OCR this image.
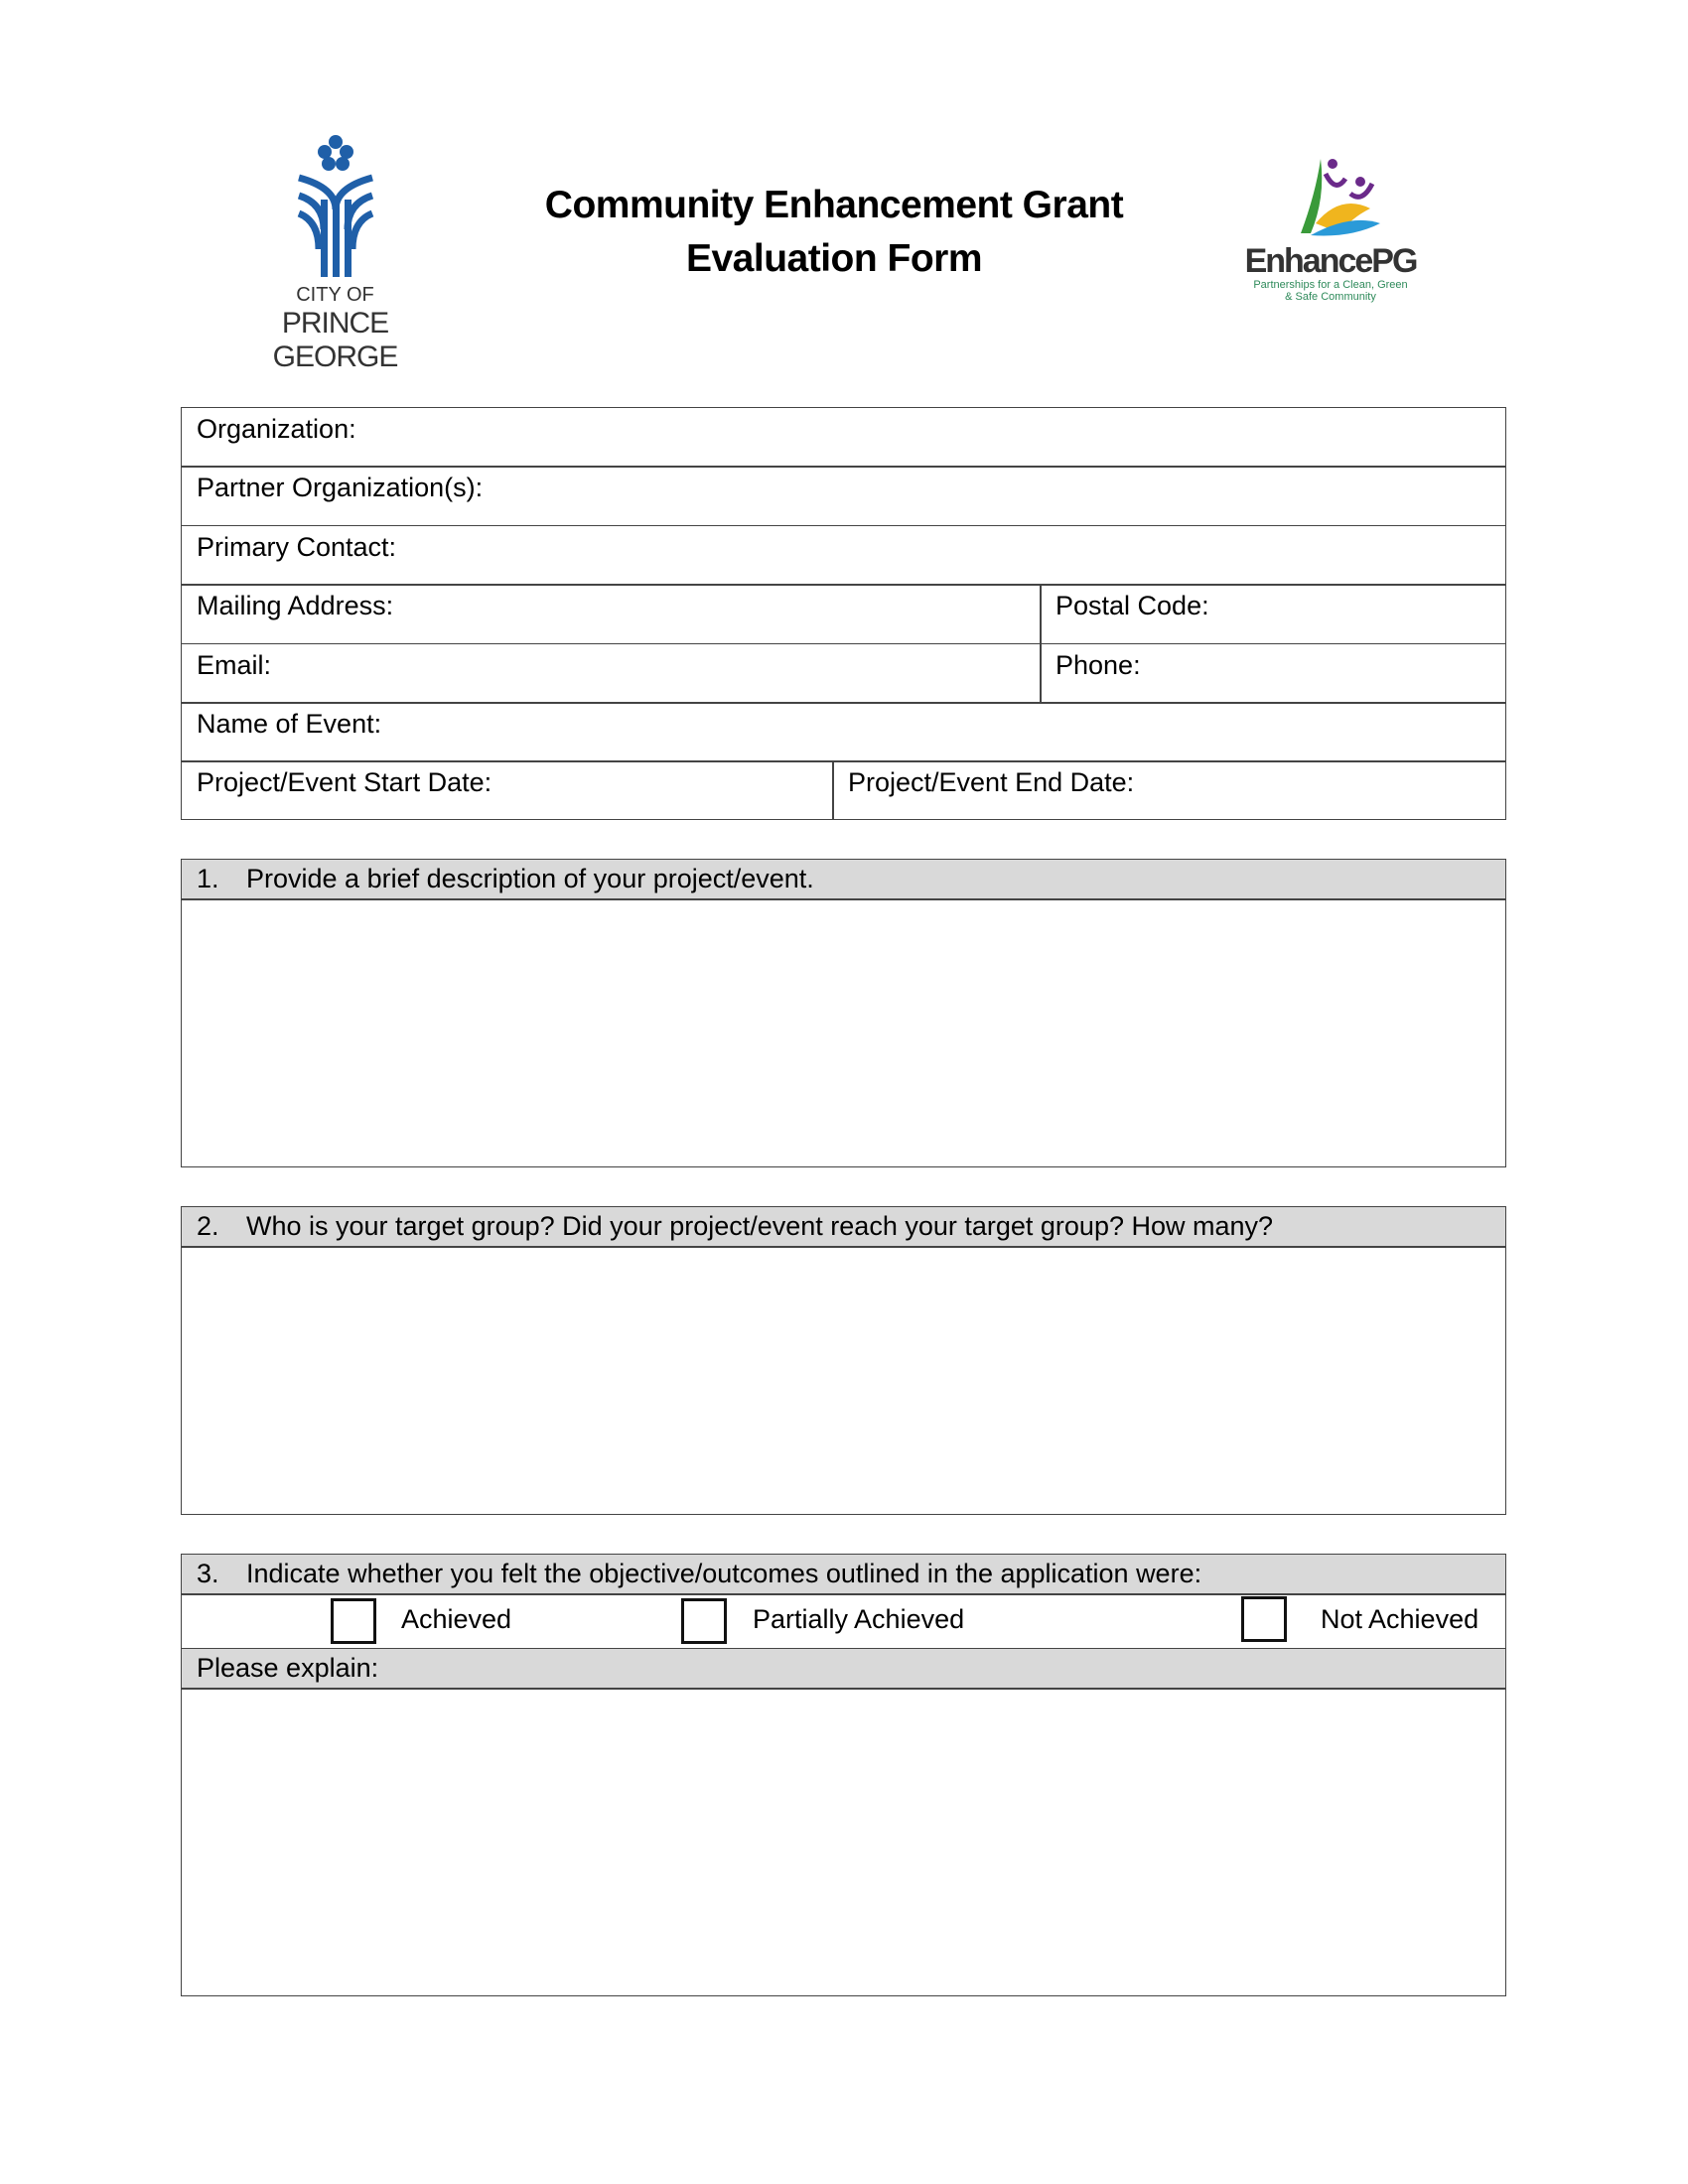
CITY OF
PRINCE GEORGE
Community Enhancement Grant
Evaluation Form	EnhancePG
Partnerships for a Clean, Green
& Safe Community
Organization:
Partner Organization(s):
Primary Contact:
Mailing Address:	Postal Code:
Email:	Phone:
Name of Event:
Project/Event Start Date:	Project/Event End Date:
1. Provide a brief description of your project/event.
2. Who is your target group? Did your project/event reach your target group? How many?
3. Indicate whether you felt the objective/outcomes outlined in the application were:
Achieved	Partially Achieved	Not Achieved
Please explain:
